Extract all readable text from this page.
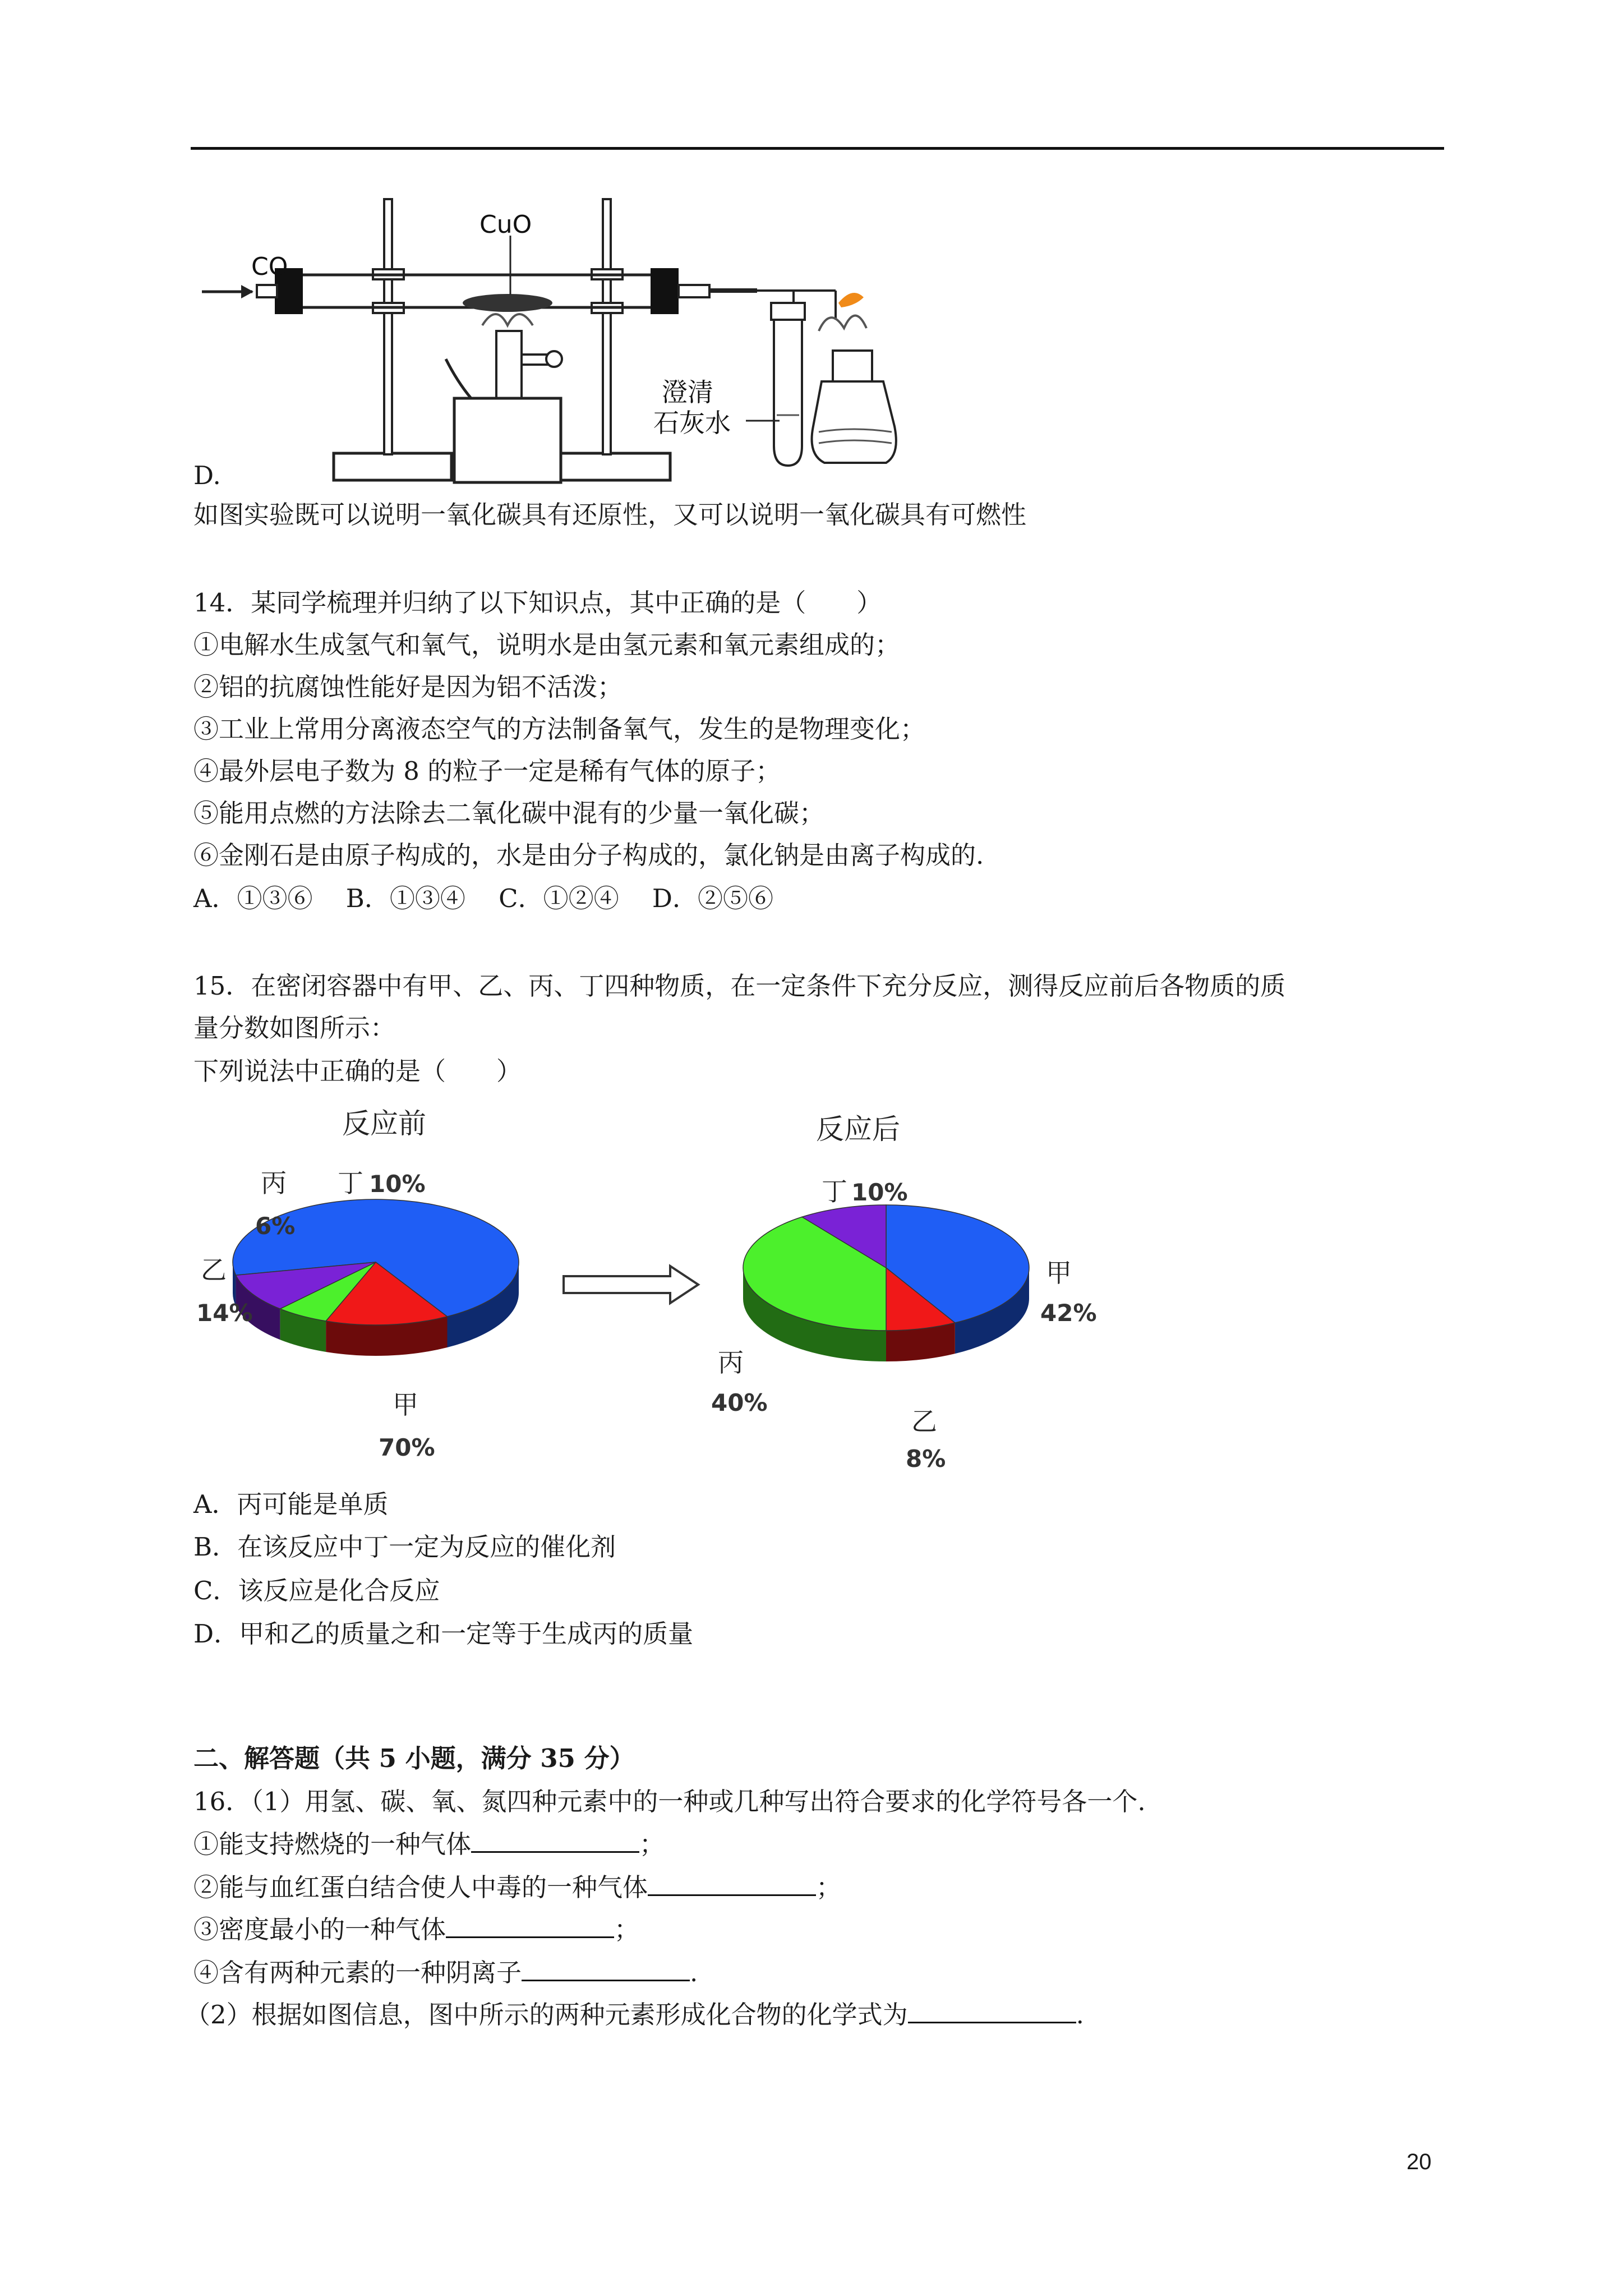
CO
CuO
澄清
石灰水
D.
如图实验既可以说明一氧化碳具有还原性，又可以说明一氧化碳具有可燃性
14．某同学梳理并归纳了以下知识点，其中正确的是（　　）
①电解水生成氢气和氧气，说明水是由氢元素和氧元素组成的；
②铝的抗腐蚀性能好是因为铝不活泼；
③工业上常用分离液态空气的方法制备氧气，发生的是物理变化；
④最外层电子数为 8 的粒子一定是稀有气体的原子；
⑤能用点燃的方法除去二氧化碳中混有的少量一氧化碳；
⑥金刚石是由原子构成的，水是由分子构成的，氯化钠是由离子构成的.
A．①③⑥　 B．①③④　 C．①②④　 D．②⑤⑥
15．在密闭容器中有甲、乙、丙、丁四种物质，在一定条件下充分反应，测得反应前后各物质的质
量分数如图所示：
下列说法中正确的是（　　）
反应前
甲
70%
乙
14%
丙
6%
丁 10%
反应后
甲
42%
乙
8%
丙
40%
丁 10%
A．丙可能是单质
B．在该反应中丁一定为反应的催化剂
C．该反应是化合反应
D．甲和乙的质量之和一定等于生成丙的质量
二、解答题（共 5 小题，满分 35 分）
16．（1）用氢、碳、氧、氮四种元素中的一种或几种写出符合要求的化学符号各一个.
①能支持燃烧的一种气体	；
②能与血红蛋白结合使人中毒的一种气体	；
③密度最小的一种气体	；
④含有两种元素的一种阴离子	.
（2）根据如图信息，图中所示的两种元素形成化合物的化学式为	.
20
